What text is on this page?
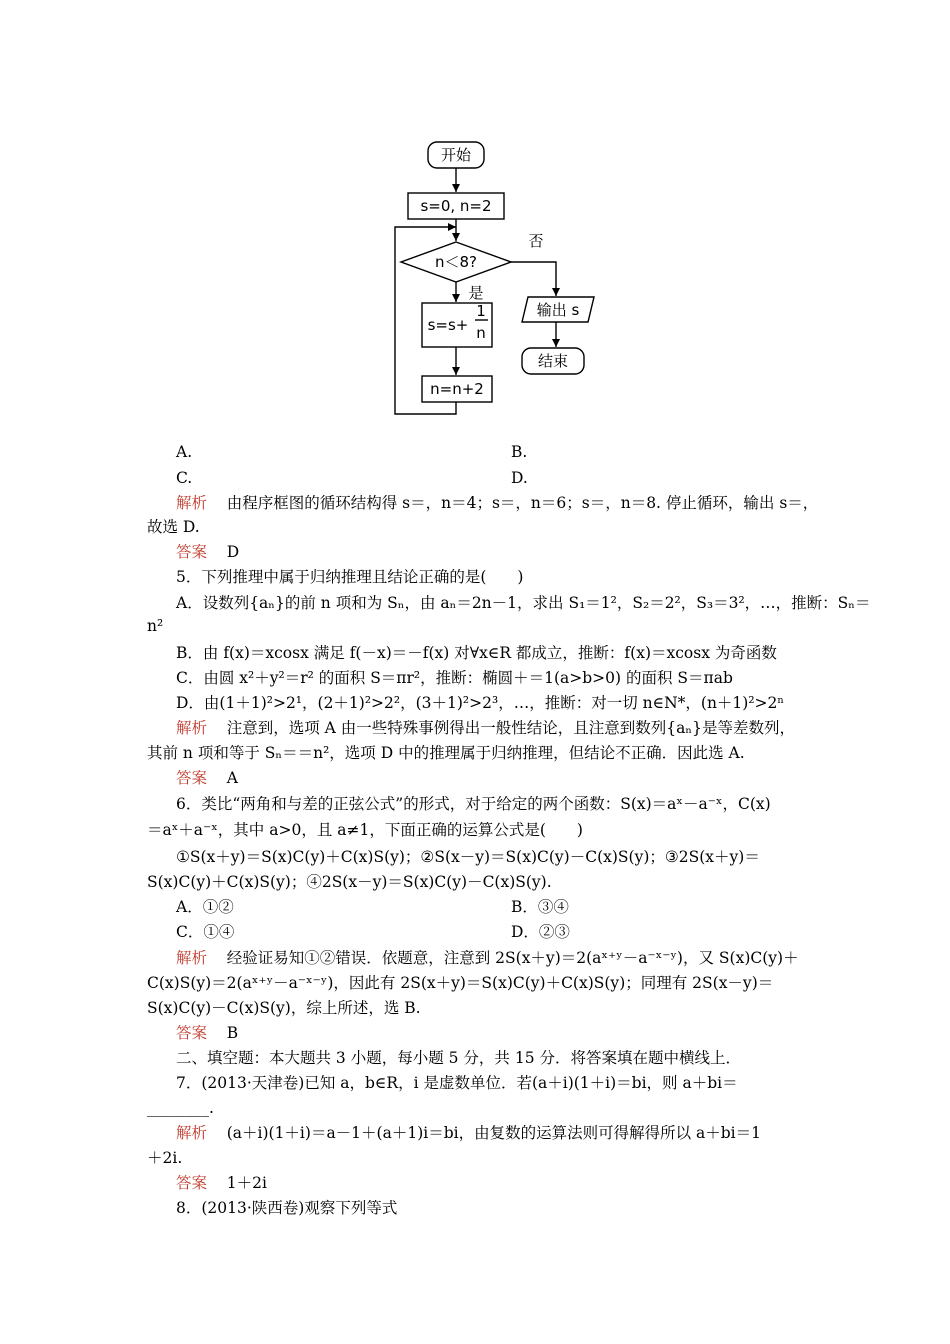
开始
s=0, n=2
n＜8?
否
是
s=s+
1
n
n=n+2
输出 s
结束
A.	B.
C.	D.
解析 由程序框图的循环结构得 s＝，n＝4；s＝，n＝6；s＝，n＝8. 停止循环，输出 s＝，
故选 D.
答案 D
5．下列推理中属于归纳推理且结论正确的是(　　)
A．设数列{aₙ}的前 n 项和为 Sₙ，由 aₙ＝2n－1，求出 S₁＝1²，S₂＝2²，S₃＝3²，…，推断：Sₙ＝
n²
B．由 f(x)＝xcosx 满足 f(－x)＝－f(x) 对∀x∈R 都成立，推断：f(x)＝xcosx 为奇函数
C．由圆 x²＋y²＝r² 的面积 S＝πr²，推断：椭圆＋＝1(a>b>0) 的面积 S＝πab
D．由(1＋1)²>2¹，(2＋1)²>2²，(3＋1)²>2³，…，推断：对一切 n∈N*，(n＋1)²>2ⁿ
解析 注意到，选项 A 由一些特殊事例得出一般性结论，且注意到数列{aₙ}是等差数列，
其前 n 项和等于 Sₙ＝＝n²，选项 D 中的推理属于归纳推理，但结论不正确．因此选 A.
答案 A
6．类比“两角和与差的正弦公式”的形式，对于给定的两个函数：S(x)＝aˣ－a⁻ˣ，C(x)
＝aˣ＋a⁻ˣ，其中 a>0，且 a≠1，下面正确的运算公式是(　　)
①S(x＋y)＝S(x)C(y)＋C(x)S(y)；②S(x－y)＝S(x)C(y)－C(x)S(y)；③2S(x＋y)＝
S(x)C(y)＋C(x)S(y)；④2S(x－y)＝S(x)C(y)－C(x)S(y).
A．①②	B．③④
C．①④	D．②③
解析 经验证易知①②错误．依题意，注意到 2S(x＋y)＝2(aˣ⁺ʸ－a⁻ˣ⁻ʸ)，又 S(x)C(y)＋
C(x)S(y)＝2(aˣ⁺ʸ－a⁻ˣ⁻ʸ)，因此有 2S(x＋y)＝S(x)C(y)＋C(x)S(y)；同理有 2S(x－y)＝
S(x)C(y)－C(x)S(y)，综上所述，选 B.
答案 B
二、填空题：本大题共 3 小题，每小题 5 分，共 15 分．将答案填在题中横线上．
7．(2013·天津卷)已知 a，b∈R，i 是虚数单位．若(a＋i)(1＋i)＝bi，则 a＋bi＝
________.
解析 (a＋i)(1＋i)＝a－1＋(a＋1)i＝bi，由复数的运算法则可得解得所以 a＋bi＝1
＋2i.
答案 1＋2i
8．(2013·陕西卷)观察下列等式
